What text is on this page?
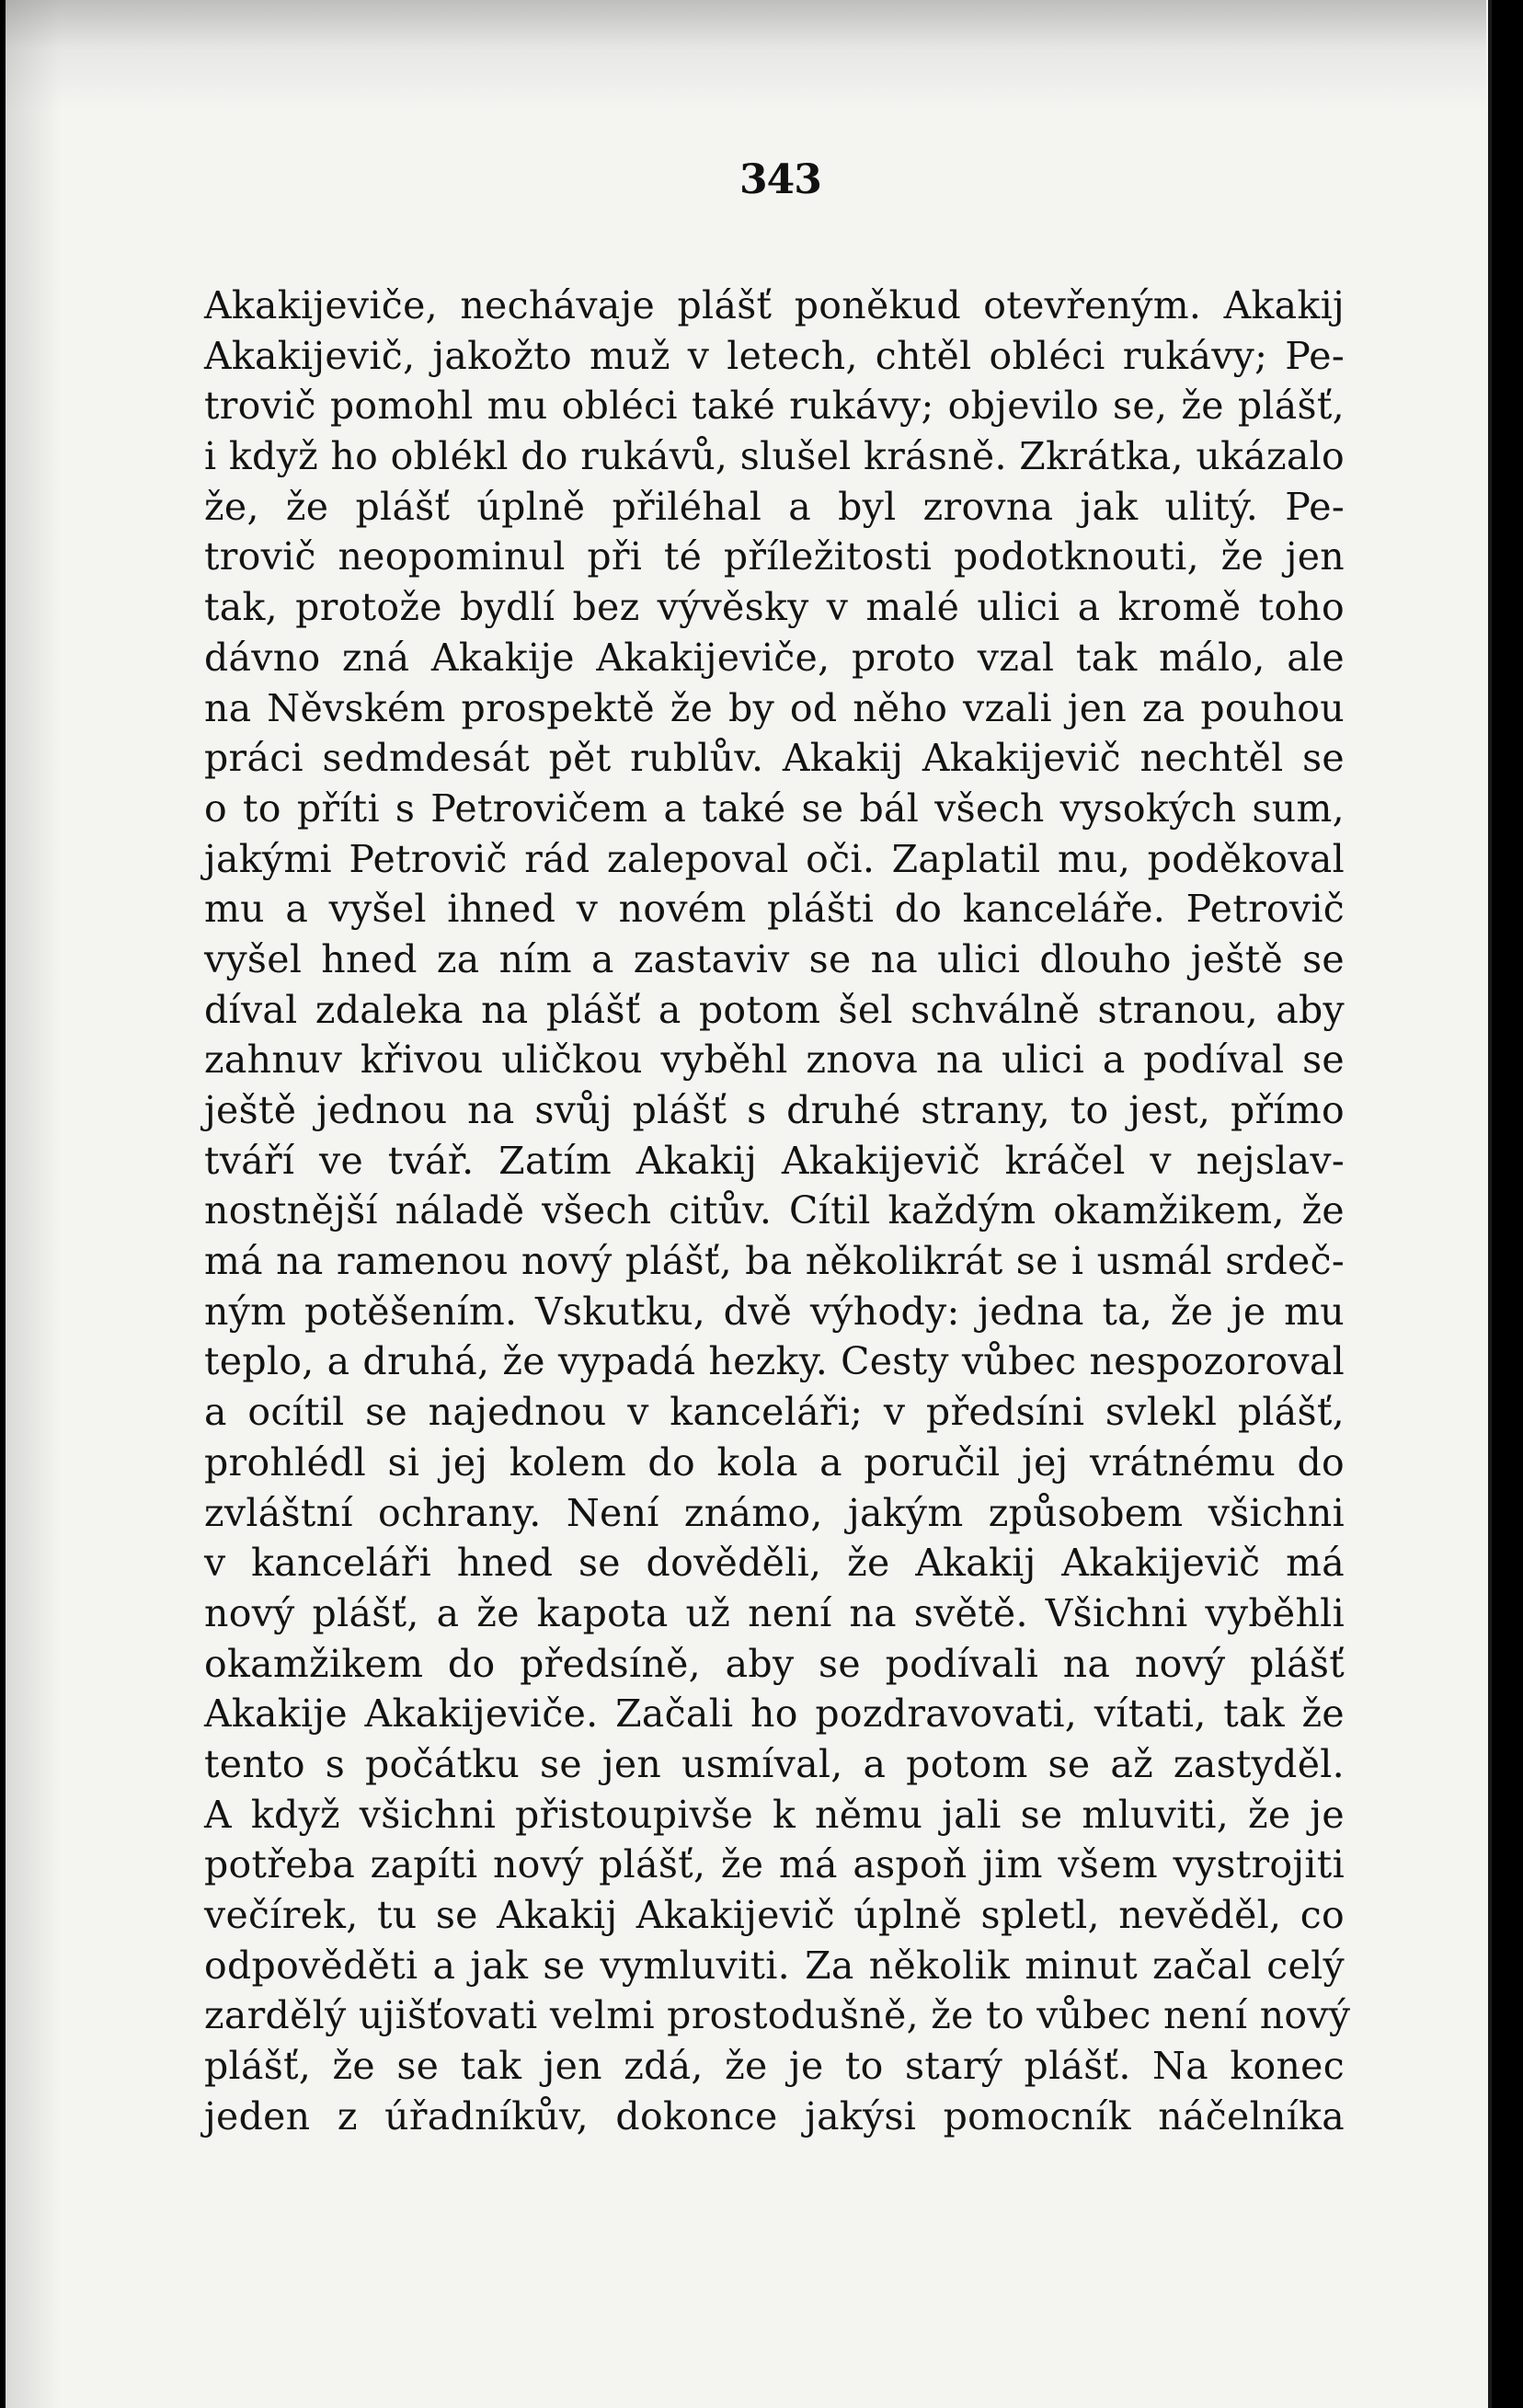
343
Akakijeviče, nechávaje plášť poněkud otevřeným. Akakij
Akakijevič, jakožto muž v letech, chtěl obléci rukávy; Pe-
trovič pomohl mu obléci také rukávy; objevilo se, že plášť,
i když ho oblékl do rukávů, slušel krásně. Zkrátka, ukázalo
že, že plášť úplně přiléhal a byl zrovna jak ulitý. Pe-
trovič neopominul při té příležitosti podotknouti, že jen
tak, protože bydlí bez vývěsky v malé ulici a kromě toho
dávno zná Akakije Akakijeviče, proto vzal tak málo, ale
na Něvském prospektě že by od něho vzali jen za pouhou
práci sedmdesát pět rublův. Akakij Akakijevič nechtěl se
o to příti s Petrovičem a také se bál všech vysokých sum,
jakými Petrovič rád zalepoval oči. Zaplatil mu, poděkoval
mu a vyšel ihned v novém plášti do kanceláře. Petrovič
vyšel hned za ním a zastaviv se na ulici dlouho ještě se
díval zdaleka na plášť a potom šel schválně stranou, aby
zahnuv křivou uličkou vyběhl znova na ulici a podíval se
ještě jednou na svůj plášť s druhé strany, to jest, přímo
tváří ve tvář. Zatím Akakij Akakijevič kráčel v nejslav-
nostnější náladě všech citův. Cítil každým okamžikem, že
má na ramenou nový plášť, ba několikrát se i usmál srdeč-
ným potěšením. Vskutku, dvě výhody: jedna ta, že je mu
teplo, a druhá, že vypadá hezky. Cesty vůbec nespozoroval
a ocítil se najednou v kanceláři; v předsíni svlekl plášť,
prohlédl si jej kolem do kola a poručil jej vrátnému do
zvláštní ochrany. Není známo, jakým způsobem všichni
v kanceláři hned se dověděli, že Akakij Akakijevič má
nový plášť, a že kapota už není na světě. Všichni vyběhli
okamžikem do předsíně, aby se podívali na nový plášť
Akakije Akakijeviče. Začali ho pozdravovati, vítati, tak že
tento s počátku se jen usmíval, a potom se až zastyděl.
A když všichni přistoupivše k němu jali se mluviti, že je
potřeba zapíti nový plášť, že má aspoň jim všem vystrojiti
večírek, tu se Akakij Akakijevič úplně spletl, nevěděl, co
odpověděti a jak se vymluviti. Za několik minut začal celý
zardělý ujišťovati velmi prostodušně, že to vůbec není nový
plášť, že se tak jen zdá, že je to starý plášť. Na konec
jeden z úřadníkův, dokonce jakýsi pomocník náčelníka
